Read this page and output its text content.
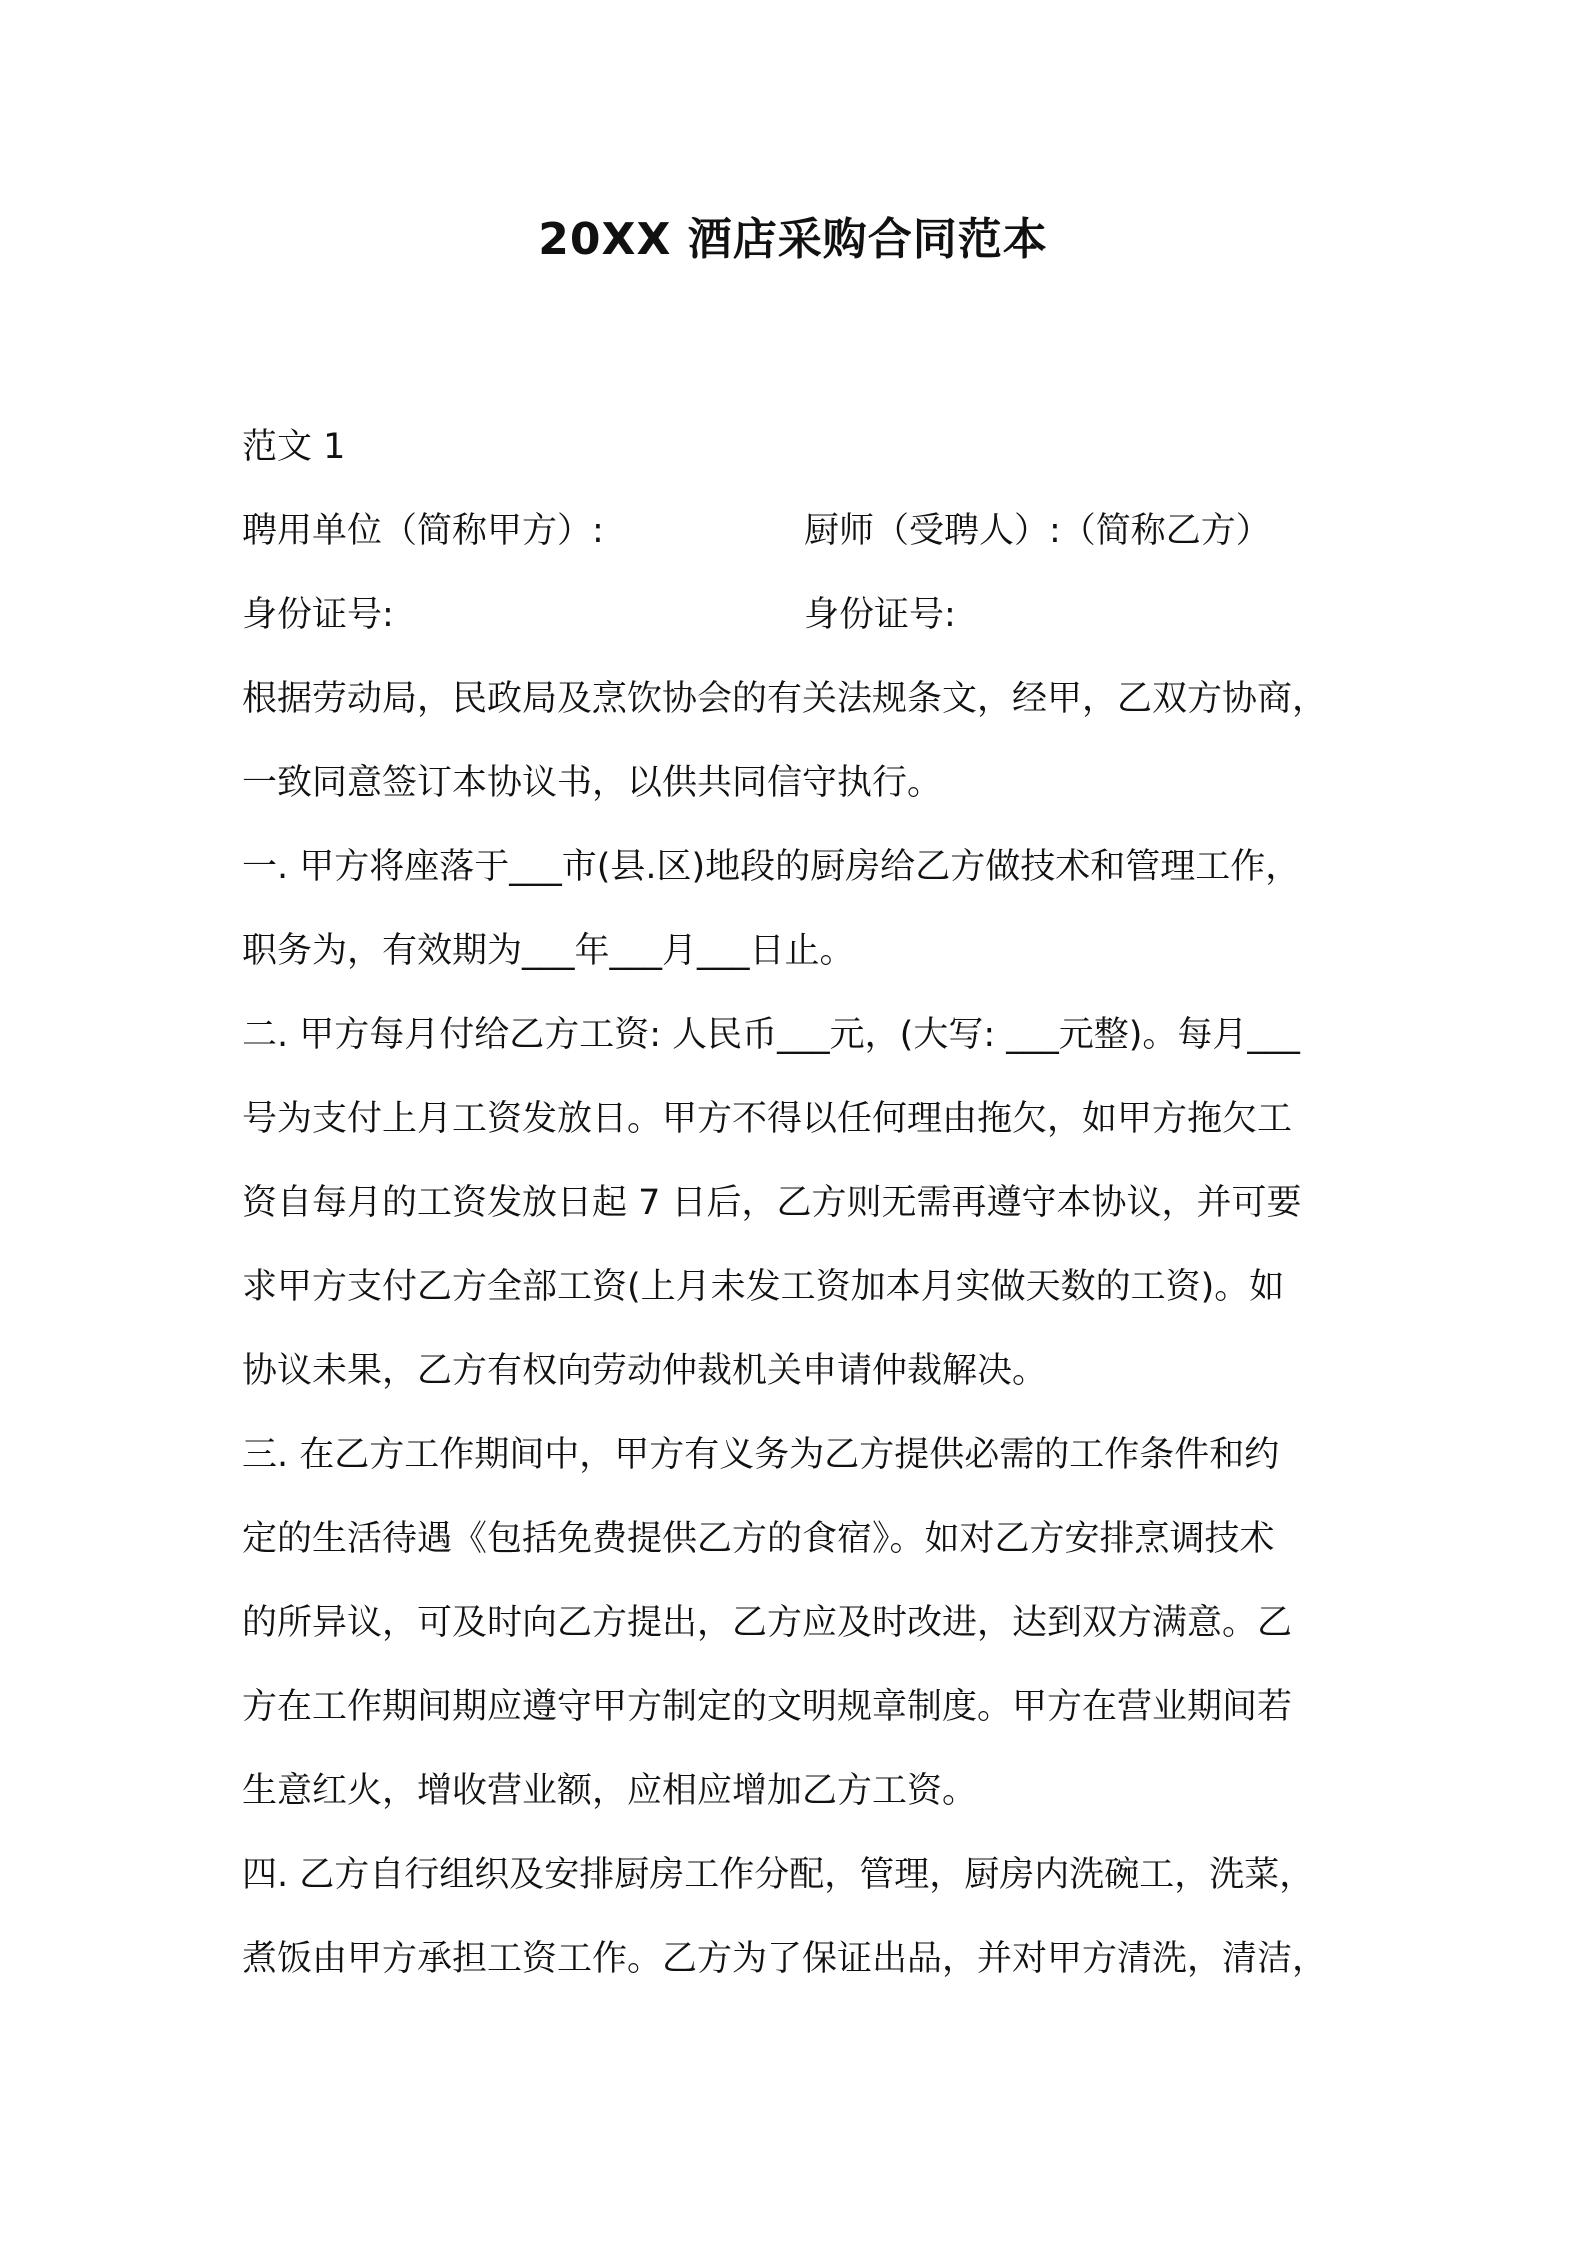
20XX 酒店采购合同范本
范文 1
聘用单位（简称甲方）:	厨师（受聘人）:（简称乙方）
身份证号:	身份证号:
根据劳动局，民政局及烹饮协会的有关法规条文，经甲，乙双方协商，
一致同意签订本协议书，以供共同信守执行。
一. 甲方将座落于___市(县.区)地段的厨房给乙方做技术和管理工作，
职务为，有效期为___年___月___日止。
二. 甲方每月付给乙方工资: 人民币___元，(大写: ___元整)。每月___
号为支付上月工资发放日。甲方不得以任何理由拖欠，如甲方拖欠工
资自每月的工资发放日起 7 日后，乙方则无需再遵守本协议，并可要
求甲方支付乙方全部工资(上月未发工资加本月实做天数的工资)。如
协议未果，乙方有权向劳动仲裁机关申请仲裁解决。
三. 在乙方工作期间中，甲方有义务为乙方提供必需的工作条件和约
定的生活待遇《包括免费提供乙方的食宿》。如对乙方安排烹调技术
的所异议，可及时向乙方提出，乙方应及时改进，达到双方满意。乙
方在工作期间期应遵守甲方制定的文明规章制度。甲方在营业期间若
生意红火，增收营业额，应相应增加乙方工资。
四. 乙方自行组织及安排厨房工作分配，管理，厨房内洗碗工，洗菜，
煮饭由甲方承担工资工作。乙方为了保证出品，并对甲方清洗，清洁，
